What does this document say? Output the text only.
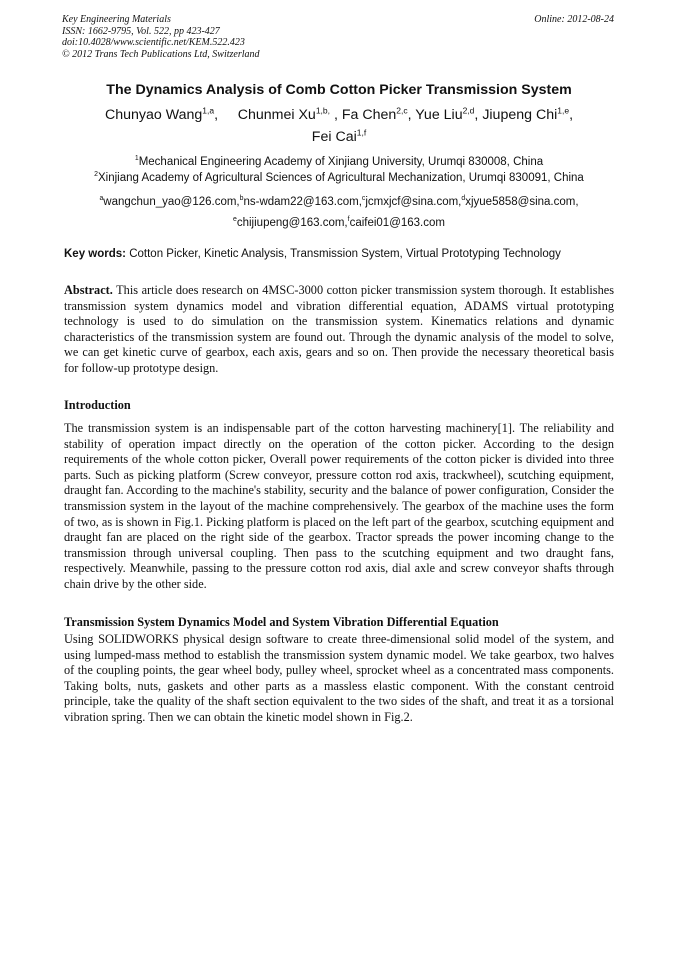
Key Engineering Materials
ISSN: 1662-9795, Vol. 522, pp 423-427
doi:10.4028/www.scientific.net/KEM.522.423
© 2012 Trans Tech Publications Ltd, Switzerland
Online: 2012-08-24
The Dynamics Analysis of Comb Cotton Picker Transmission System
Chunyao Wang$^{1,a}$,     Chunmei $Xu^{1,b,}$ , Fa Chen$^{2,c}$, Yue Liu$^{2,d}$, Jiupeng Chi$^{1,e}$,
Fei Cai$^{1,f}$
$^1$Mechanical Engineering Academy of Xinjiang University, Urumqi 830008, China
$^2$Xinjiang Academy of Agricultural Sciences of Agricultural Mechanization, Urumqi 830091, China
$^a$wangchun_yao@126.com,$^b$ns-wdam22@163.com,$^c$jcmxjcf@sina.com,$^d$xjyue5858@sina.com,
$^e$chijiupeng@163.com,$^f$caifei01@163.com
Key words: Cotton Picker, Kinetic Analysis, Transmission System, Virtual Prototyping Technology
Abstract. This article does research on 4MSC-3000 cotton picker transmission system thorough. It establishes transmission system dynamics model and vibration differential equation, ADAMS virtual prototyping technology is used to do simulation on the transmission system. Kinematics relations and dynamic characteristics of the transmission system are found out. Through the dynamic analysis of the model to solve, we can get kinetic curve of gearbox, each axis, gears and so on. Then provide the necessary theoretical basis for follow-up prototype design.
Introduction
The transmission system is an indispensable part of the cotton harvesting machinery[1]. The reliability and stability of operation impact directly on the operation of the cotton picker. According to the design requirements of the whole cotton picker, Overall power requirements of the cotton picker is divided into three parts. Such as picking platform (Screw conveyor, pressure cotton rod axis, trackwheel), scutching equipment, draught fan. According to the machine's stability, security and the balance of power configuration, Consider the transmission system in the layout of the machine comprehensively. The gearbox of the machine uses the form of two, as is shown in Fig.1. Picking platform is placed on the left part of the gearbox, scutching equipment and draught fan are placed on the right side of the gearbox. Tractor spreads the power incoming change to the transmission through universal coupling. Then pass to the scutching equipment and two draught fans, respectively. Meanwhile, passing to the pressure cotton rod axis, dial axle and screw conveyor shafts through chain drive by the other side.
Transmission System Dynamics Model and System Vibration Differential Equation
Using SOLIDWORKS physical design software to create three-dimensional solid model of the system, and using lumped-mass method to establish the transmission system dynamic model. We take gearbox, two halves of the coupling points, the gear wheel body, pulley wheel, sprocket wheel as a concentrated mass components. Taking bolts, nuts, gaskets and other parts as a massless elastic component. With the constant centroid principle, take the quality of the shaft section equivalent to the two sides of the shaft, and treat it as a torsional vibration spring. Then we can obtain the kinetic model shown in Fig.2.
